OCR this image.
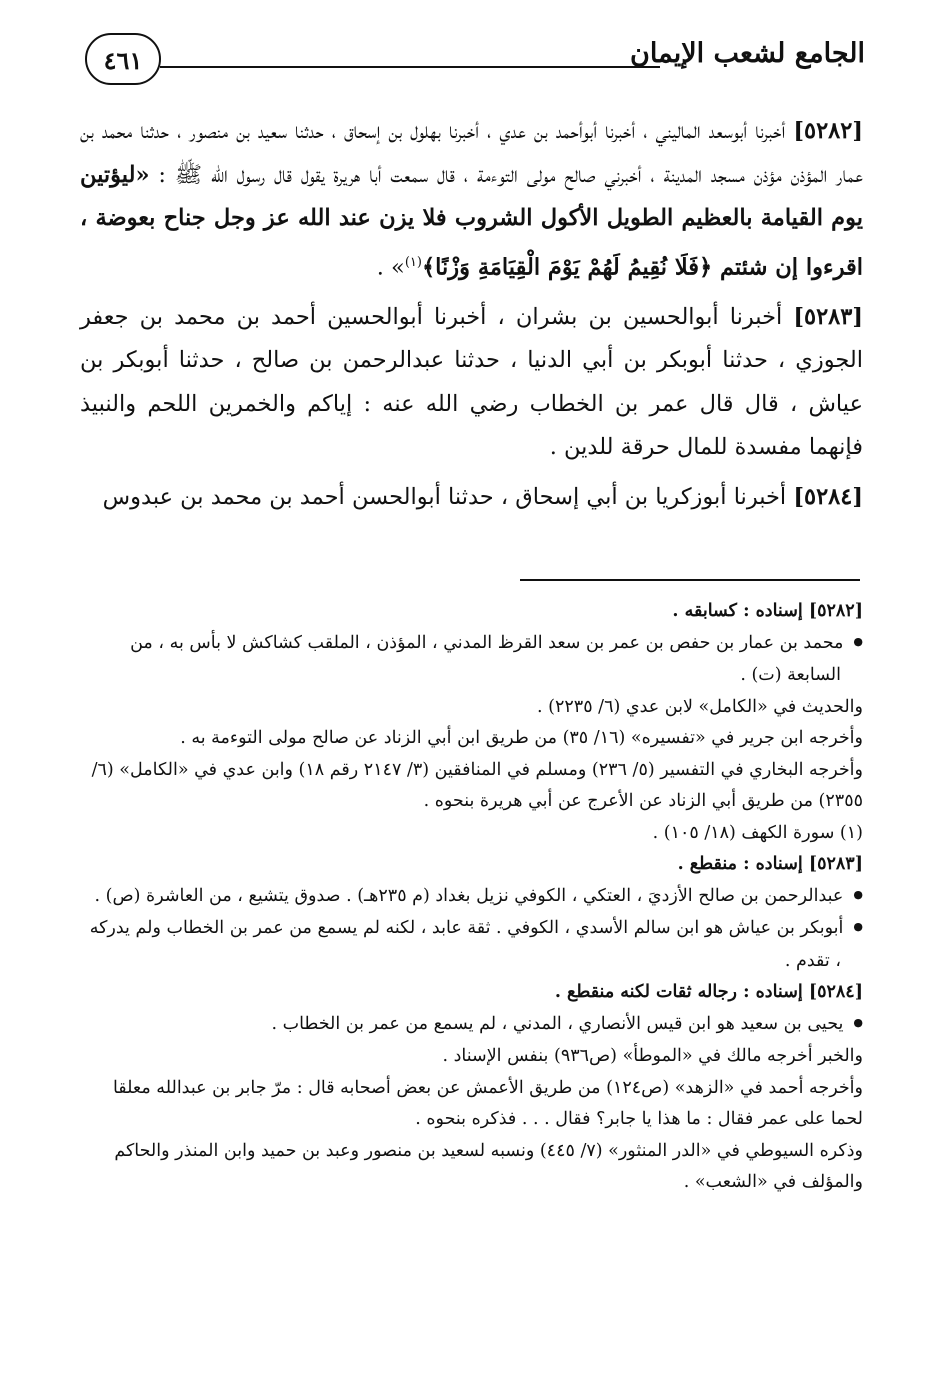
الجامع لشعب الإيمان
٤٦١

[٥٢٨٢] أخبرنا أبوسعد الماليني ، أخبرنا أبوأحمد بن عدي ، أخبرنا بهلول بن إسحاق ، حدثنا سعيد بن منصور ، حدثنا محمد بن عمار المؤذن مؤذن مسجد المدينة ، أخبرني صالح مولى التوءمة ، قال سمعت أبا هريرة يقول قال رسول الله ﷺ : «ليؤتين يوم القيامة بالعظيم الطويل الأكول الشروب فلا يزن عند الله عز وجل جناح بعوضة ، اقرءوا إن شئتم ﴿فَلَا نُقِيمُ لَهُمْ يَوْمَ الْقِيَامَةِ وَزْنًا﴾$^{(١)}$» .

[٥٢٨٣] أخبرنا أبوالحسين بن بشران ، أخبرنا أبوالحسين أحمد بن محمد بن جعفر الجوزي ، حدثنا أبوبكر بن أبي الدنيا ، حدثنا عبدالرحمن بن صالح ، حدثنا أبوبكر بن عياش ، قال قال عمر بن الخطاب رضي الله عنه : إياكم والخمرين اللحم والنبيذ فإنهما مفسدة للمال حرقة للدين .

[٥٢٨٤] أخبرنا أبوزكريا بن أبي إسحاق ، حدثنا أبوالحسن أحمد بن محمد بن عبدوس

[٥٢٨٢] إسناده : كسابقه .

● محمد بن عمار بن حفص بن عمر بن سعد القرظ المدني ، المؤذن ، الملقب كشاكش لا بأس به ، من السابعة (ت) .

والحديث في «الكامل» لابن عدي (٦/ ٢٢٣٥) .

وأخرجه ابن جرير في «تفسيره» (١٦/ ٣٥) من طريق ابن أبي الزناد عن صالح مولى التوءمة به .

وأخرجه البخاري في التفسير (٥/ ٢٣٦) ومسلم في المنافقين (٣/ ٢١٤٧ رقم ١٨) وابن عدي في «الكامل» (٦/ ٢٣٥٥) من طريق أبي الزناد عن الأعرج عن أبي هريرة بنحوه .

(١) سورة الكهف (١٨/ ١٠٥) .

[٥٢٨٣] إسناده : منقطع .

● عبدالرحمن بن صالح الأزديَ ، العتكي ، الكوفي نزيل بغداد (م ٢٣٥هـ) . صدوق يتشيع ، من العاشرة (ص) .

● أبوبكر بن عياش هو ابن سالم الأسدي ، الكوفي . ثقة عابد ، لكنه لم يسمع من عمر بن الخطاب ولم يدركه ، تقدم .

[٥٢٨٤] إسناده : رجاله ثقات لكنه منقطع .

● يحيى بن سعيد هو ابن قيس الأنصاري ، المدني ، لم يسمع من عمر بن الخطاب .

والخبر أخرجه مالك في «الموطأ» (ص٩٣٦) بنفس الإسناد .

وأخرجه أحمد في «الزهد» (ص١٢٤) من طريق الأعمش عن بعض أصحابه قال : مرّ جابر بن عبدالله معلقا لحما على عمر فقال : ما هذا يا جابر؟ فقال . . . فذكره بنحوه .

وذكره السيوطي في «الدر المنثور» (٧/ ٤٤٥) ونسبه لسعيد بن منصور وعبد بن حميد وابن المنذر والحاكم والمؤلف في «الشعب» .
